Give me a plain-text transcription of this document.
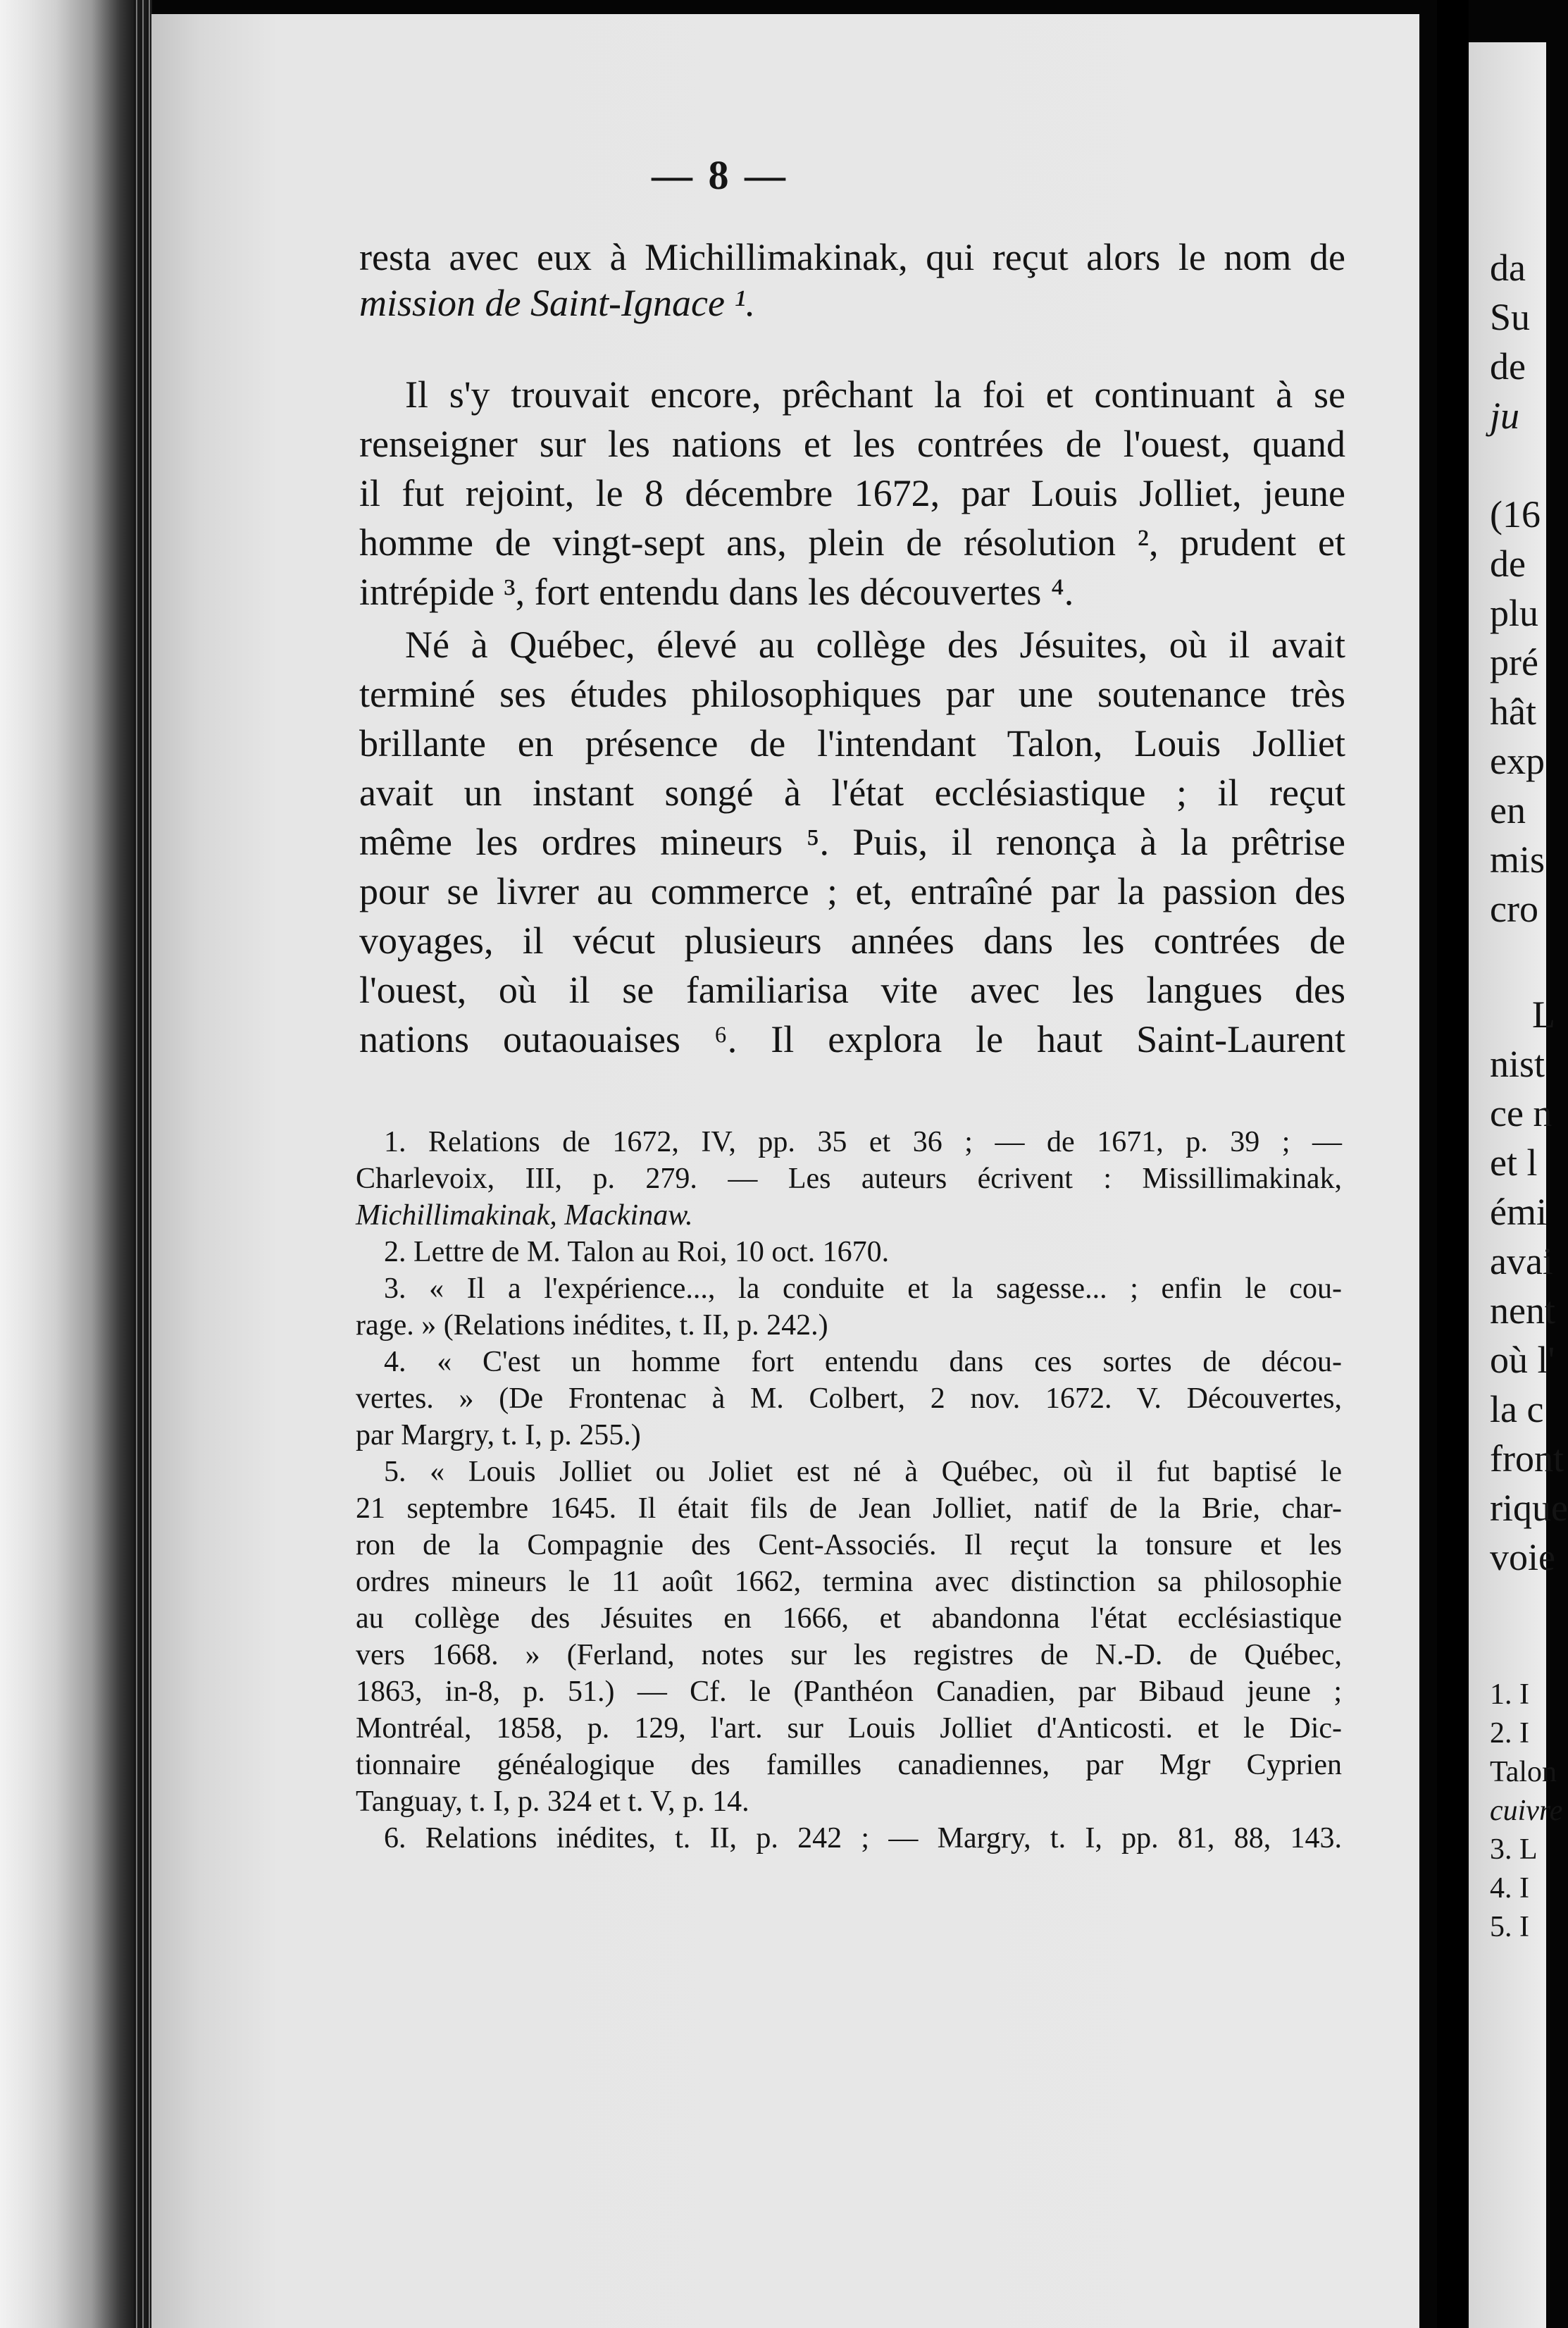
— 8 —
resta avec eux à Michillimakinak, qui reçut alors le nom de
mission de Saint-Ignace ¹.
Il s'y trouvait encore, prêchant la foi et continuant à se
renseigner sur les nations et les contrées de l'ouest, quand
il fut rejoint, le 8 décembre 1672, par Louis Jolliet, jeune
homme de vingt-sept ans, plein de résolution ², prudent et
intrépide ³, fort entendu dans les découvertes ⁴.
Né à Québec, élevé au collège des Jésuites, où il avait
terminé ses études philosophiques par une soutenance très
brillante en présence de l'intendant Talon, Louis Jolliet
avait un instant songé à l'état ecclésiastique ; il reçut
même les ordres mineurs ⁵. Puis, il renonça à la prêtrise
pour se livrer au commerce ; et, entraîné par la passion des
voyages, il vécut plusieurs années dans les contrées de
l'ouest, où il se familiarisa vite avec les langues des
nations outaouaises ⁶. Il explora le haut Saint-Laurent
1. Relations de 1672, IV, pp. 35 et 36 ; — de 1671, p. 39 ; —
Charlevoix, III, p. 279. — Les auteurs écrivent : Missillimakinak,
Michillimakinak, Mackinaw.
2. Lettre de M. Talon au Roi, 10 oct. 1670.
3. « Il a l'expérience..., la conduite et la sagesse... ; enfin le cou-
rage. » (Relations inédites, t. II, p. 242.)
4. « C'est un homme fort entendu dans ces sortes de décou-
vertes. » (De Frontenac à M. Colbert, 2 nov. 1672. V. Découvertes,
par Margry, t. I, p. 255.)
5. « Louis Jolliet ou Joliet est né à Québec, où il fut baptisé le
21 septembre 1645. Il était fils de Jean Jolliet, natif de la Brie, char-
ron de la Compagnie des Cent-Associés. Il reçut la tonsure et les
ordres mineurs le 11 août 1662, termina avec distinction sa philosophie
au collège des Jésuites en 1666, et abandonna l'état ecclésiastique
vers 1668. » (Ferland, notes sur les registres de N.-D. de Québec,
1863, in-8, p. 51.) — Cf. le (Panthéon Canadien, par Bibaud jeune ;
Montréal, 1858, p. 129, l'art. sur Louis Jolliet d'Anticosti. et le Dic-
tionnaire généalogique des familles canadiennes, par Mgr Cyprien
Tanguay, t. I, p. 324 et t. V, p. 14.
6. Relations inédites, t. II, p. 242 ; — Margry, t. I, pp. 81, 88, 143.
da
Su
de
ju
(16
de
plu
pré
hât
exp
en
mis
cro
L
nist
ce n
et l
émi
avai
nent
où l'
la c
front
rique
voie
1. I
2. I
Talon
cuivre
3. L
4. I
5. I
